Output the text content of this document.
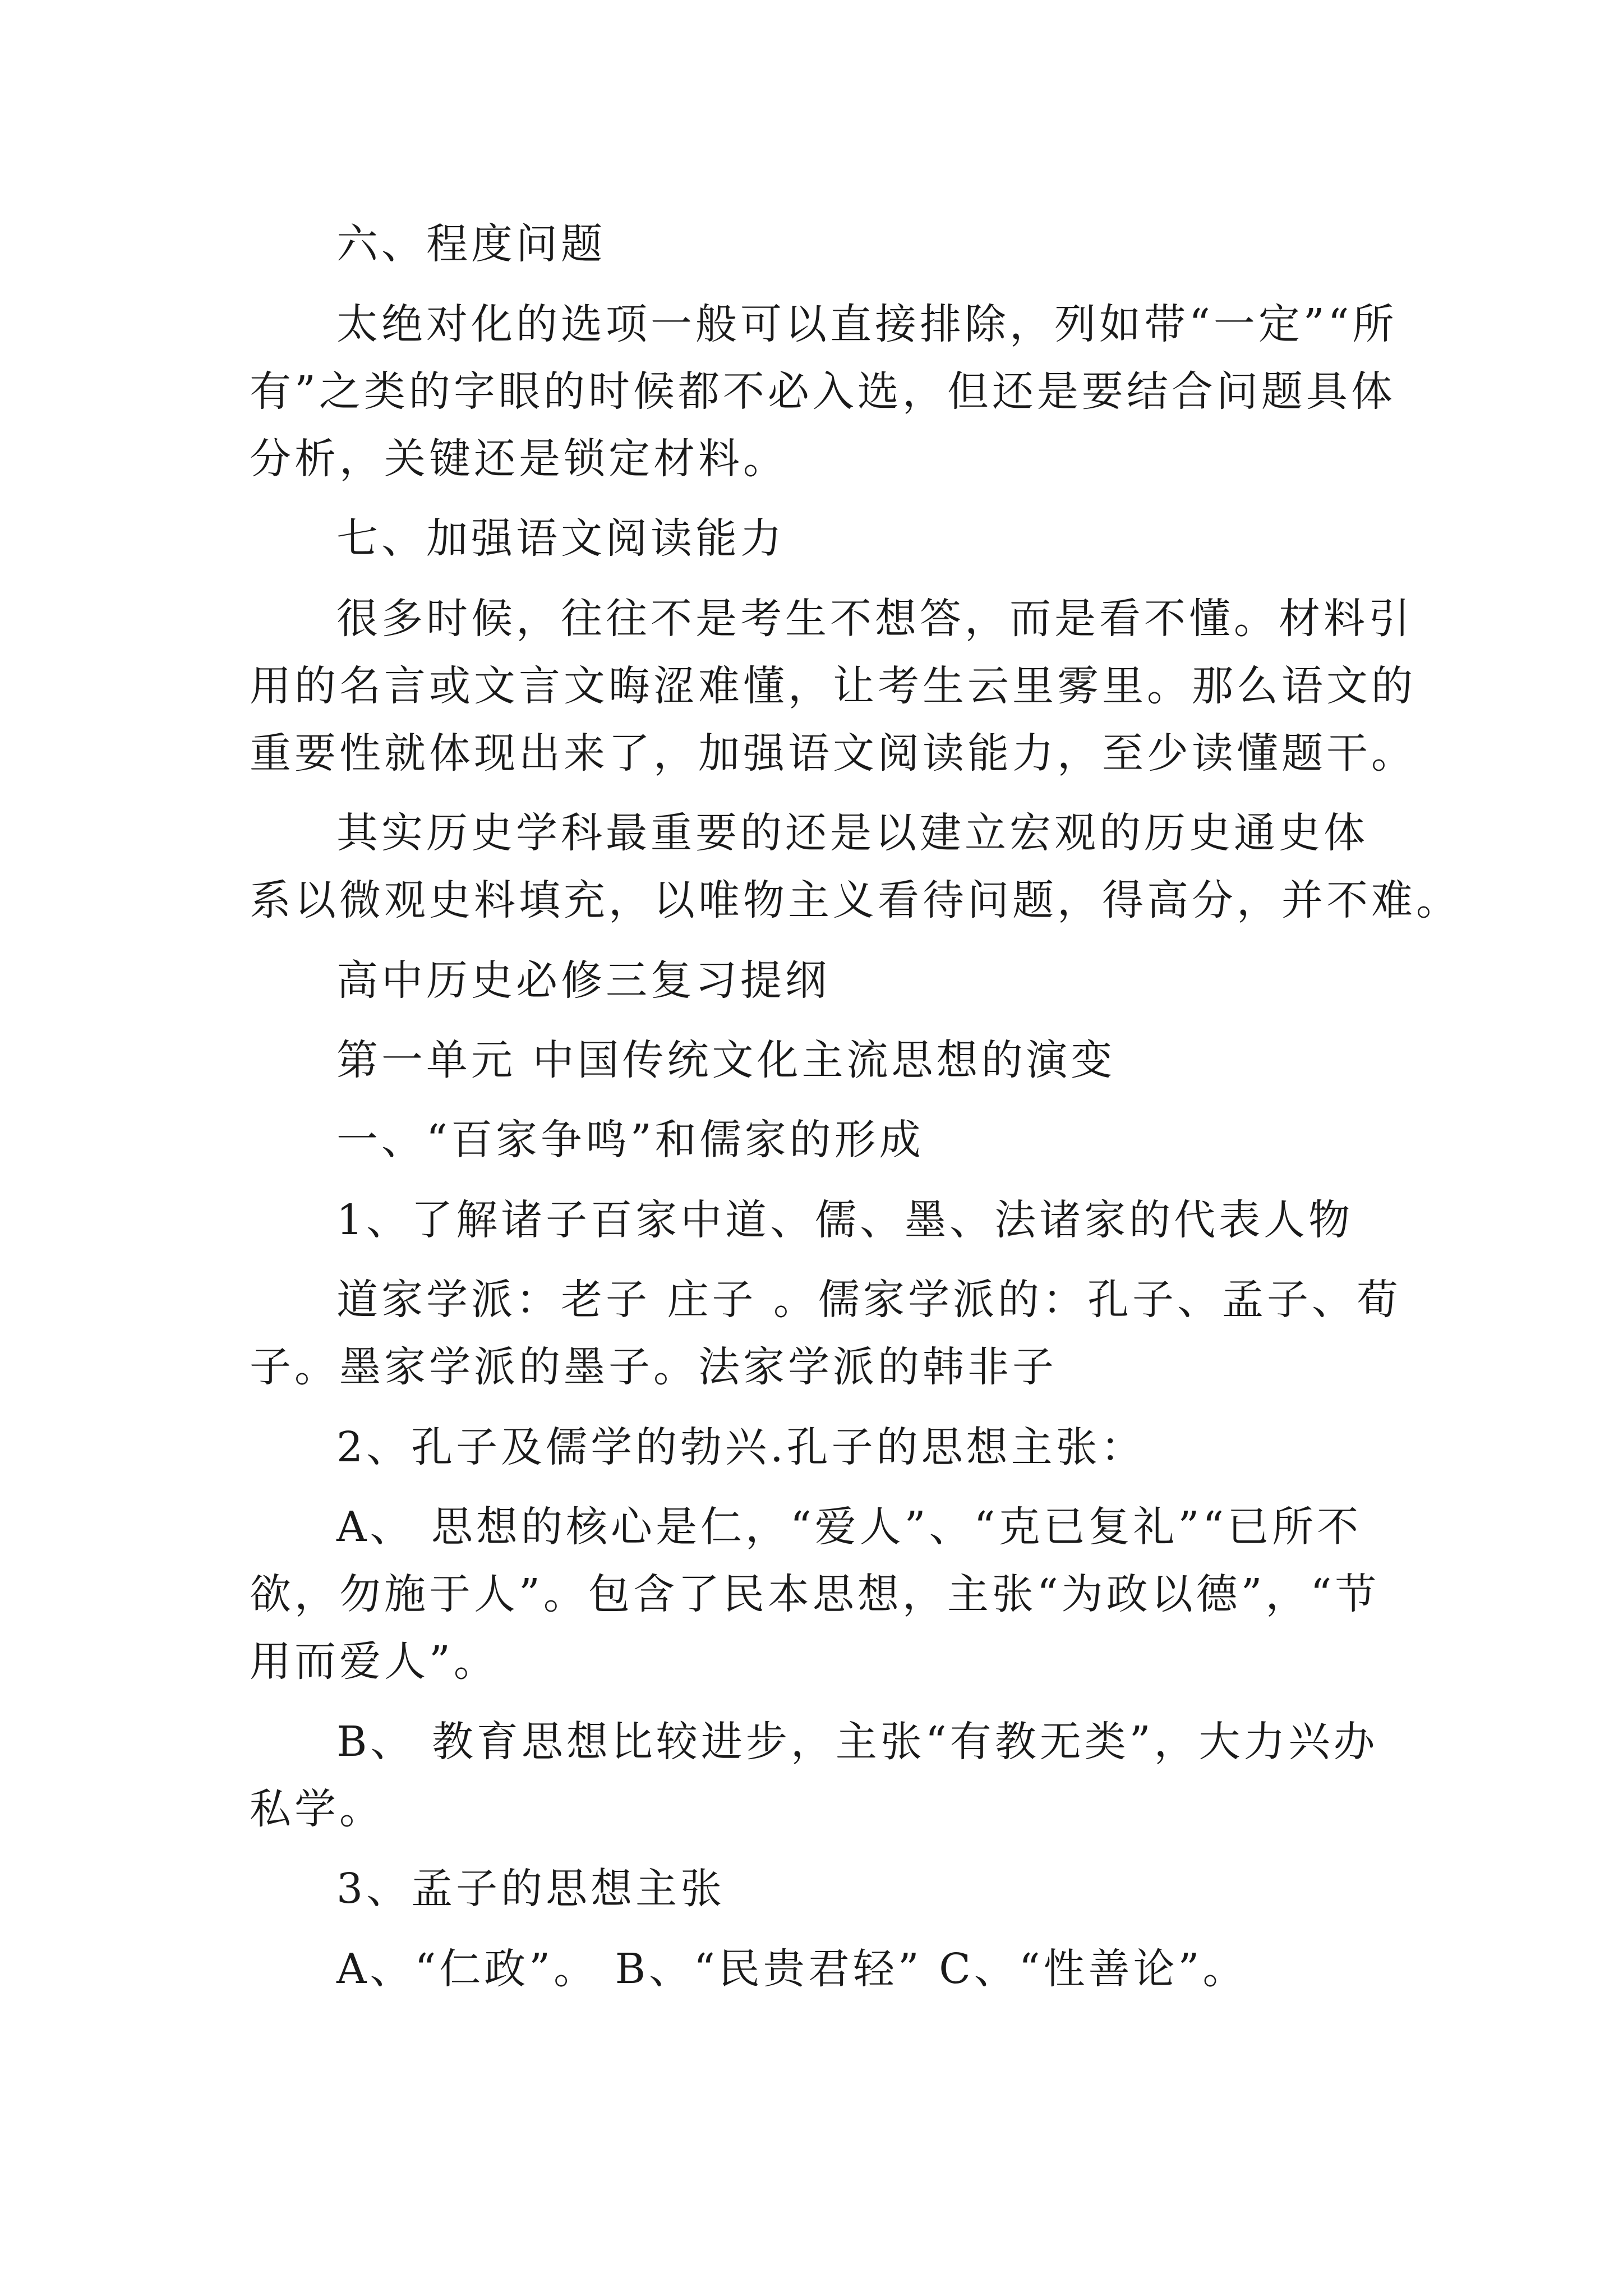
六、程度问题
太绝对化的选项一般可以直接排除，列如带“一定”“所
有”之类的字眼的时候都不必入选，但还是要结合问题具体
分析，关键还是锁定材料。
七、加强语文阅读能力
很多时候，往往不是考生不想答，而是看不懂。材料引
用的名言或文言文晦涩难懂，让考生云里雾里。那么语文的
重要性就体现出来了，加强语文阅读能力，至少读懂题干。
其实历史学科最重要的还是以建立宏观的历史通史体
系以微观史料填充，以唯物主义看待问题，得高分，并不难。
高中历史必修三复习提纲
第一单元 中国传统文化主流思想的演变
一、“百家争鸣”和儒家的形成
1、了解诸子百家中道、儒、墨、法诸家的代表人物
道家学派：老子 庄子 。儒家学派的：孔子、孟子、荀
子。墨家学派的墨子。法家学派的韩非子
2、孔子及儒学的勃兴.孔子的思想主张：
A、 思想的核心是仁，“爱人”、“克已复礼”“已所不
欲，勿施于人”。包含了民本思想，主张“为政以德”，“节
用而爱人”。
B、 教育思想比较进步，主张“有教无类”，大力兴办
私学。
3、孟子的思想主张
A、“仁政”。 B、“民贵君轻” C、“性善论”。
